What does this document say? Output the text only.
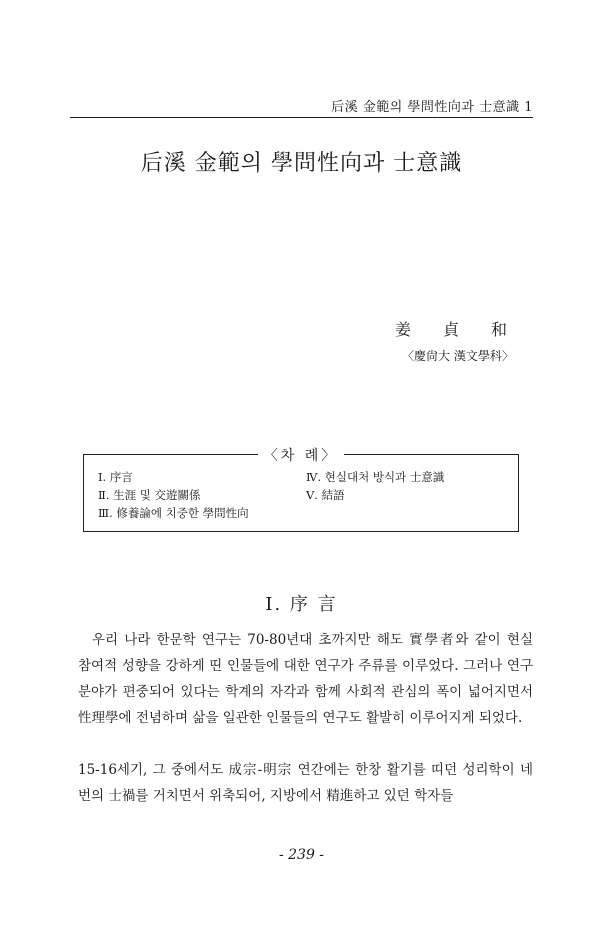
后溪 金範의 學問性向과 士意識 1
后溪 金範의 學問性向과 士意識
姜貞和
〈慶尙大 漢文學科〉
〈차 례〉
Ⅰ. 序言
Ⅱ. 生涯 및 交遊關係
Ⅲ. 修養論에 치중한 學問性向
Ⅳ. 현실대처 방식과 士意識
Ⅴ. 結語
Ⅰ. 序 言
우리 나라 한문학 연구는 70-80년대 초까지만 해도 實學者와 같이 현실 참여적 성향을 강하게 띤 인물들에 대한 연구가 주류를 이루었다. 그러나 연구 분야가 편중되어 있다는 학계의 자각과 함께 사회적 관심의 폭이 넓어지면서 性理學에 전념하며 삶을 일관한 인물들의 연구도 활발히 이루어지게 되었다.
15-16세기, 그 중에서도 成宗-明宗 연간에는 한창 활기를 띠던 성리학이 네 번의 士禍를 거치면서 위축되어, 지방에서 精進하고 있던 학자들
- 239 -
